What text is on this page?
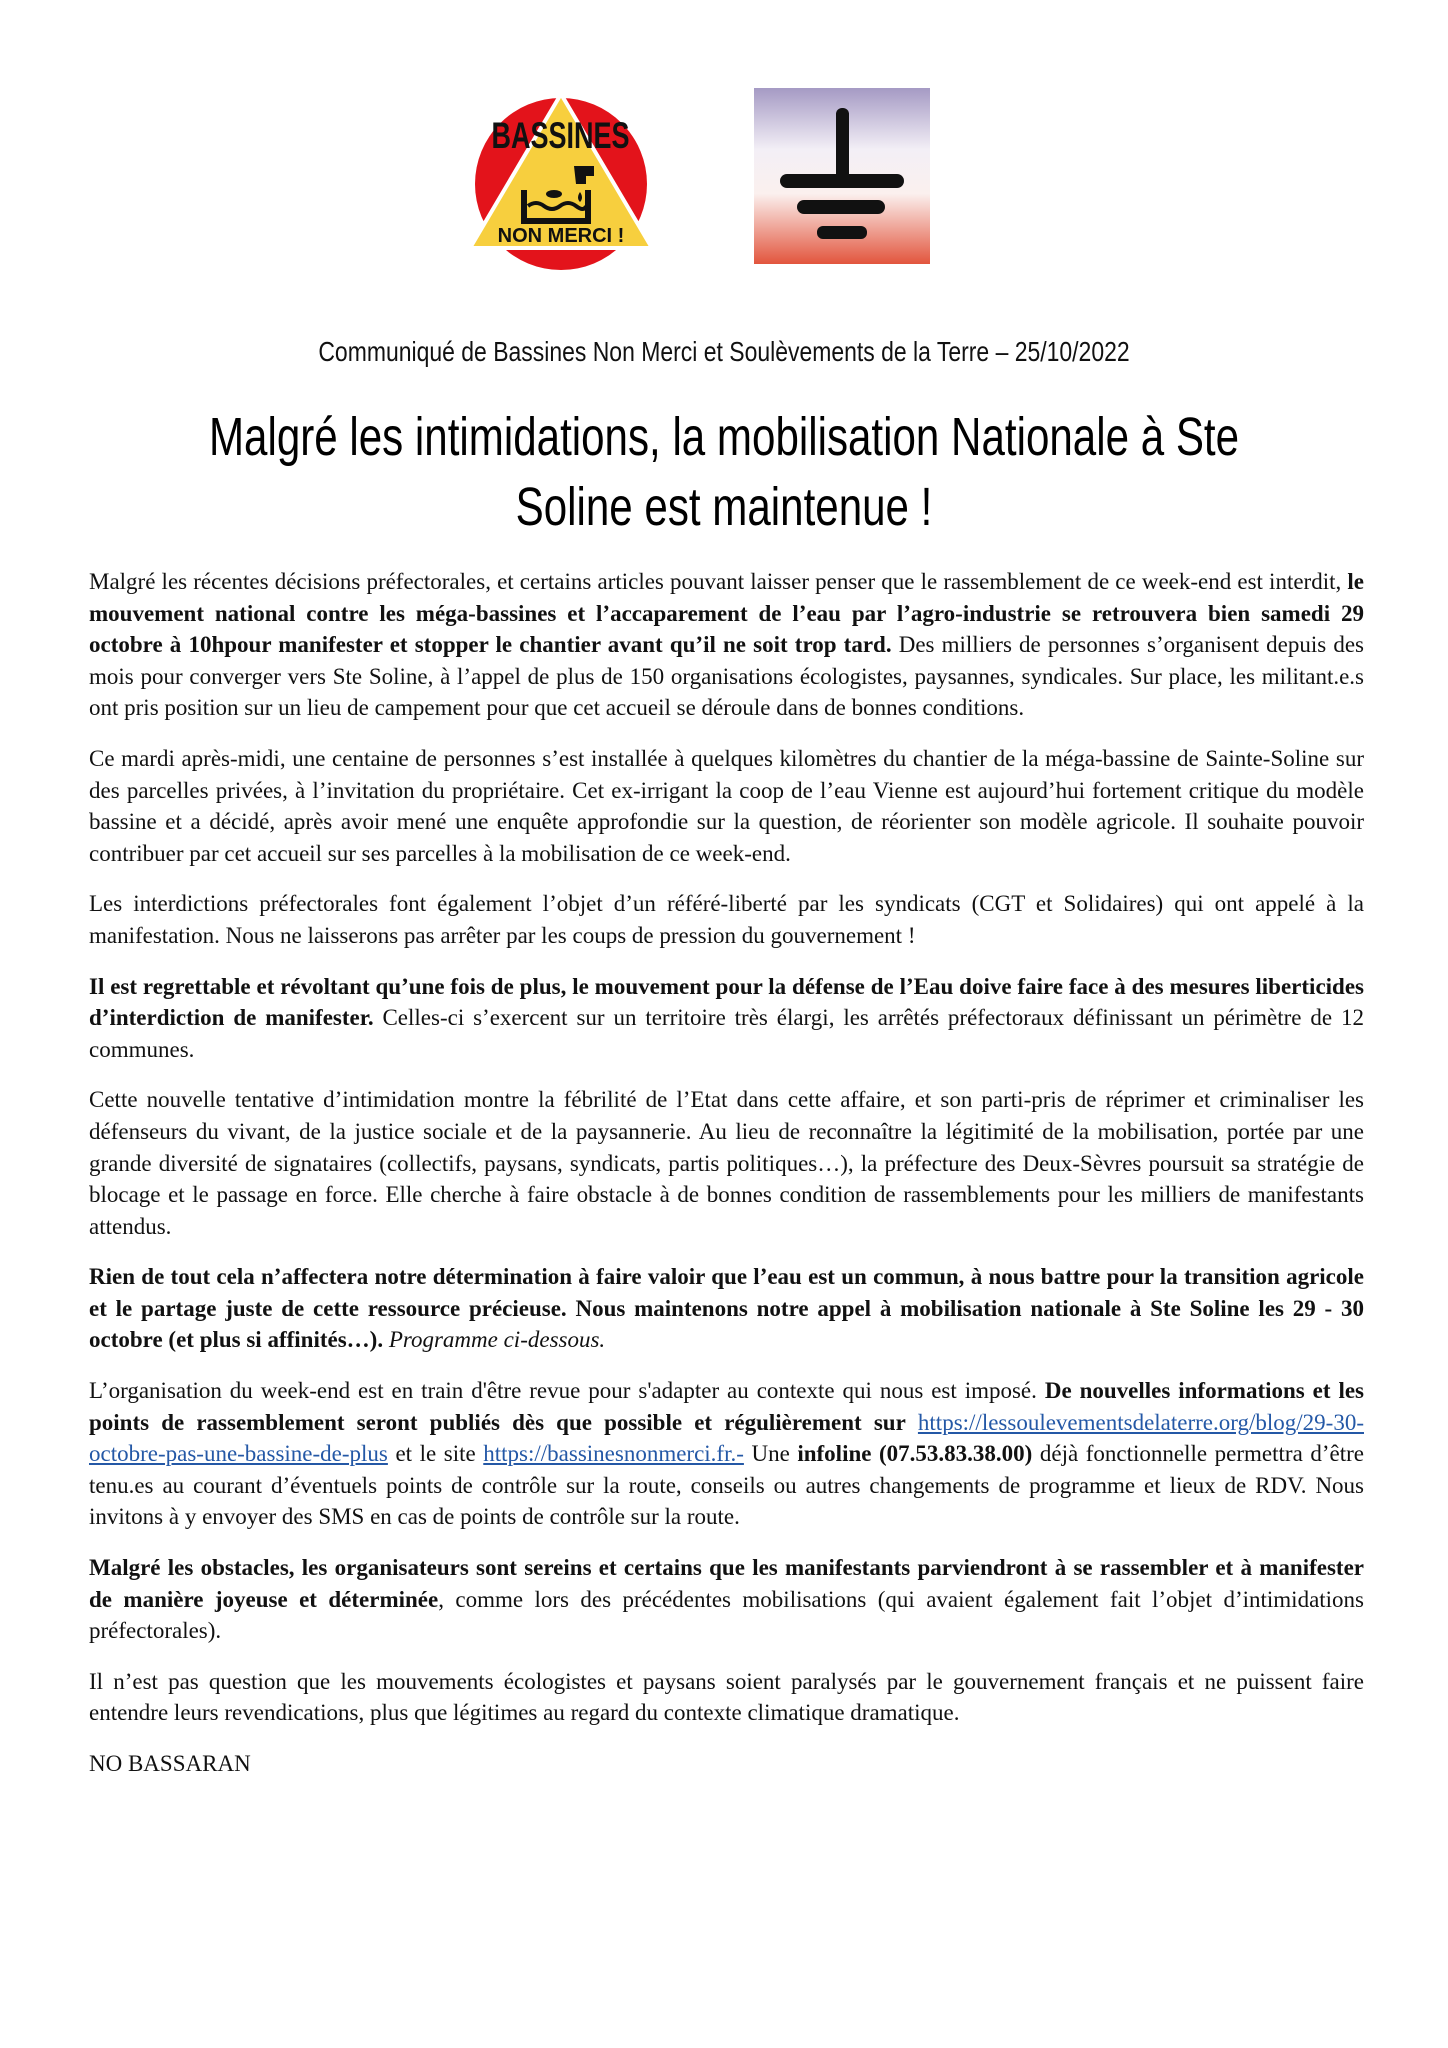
BASSINES
NON MERCI !
Communiqué de Bassines Non Merci et Soulèvements de la Terre – 25/10/2022
Malgré les intimidations, la mobilisation Nationale à Ste
Soline est maintenue !

Malgré les récentes décisions préfectorales, et certains articles pouvant laisser penser que le rassemblement de ce week-end est interdit, le mouvement national contre les méga-bassines et l’accaparement de l’eau par l’agro-industrie se retrouvera bien samedi 29 octobre à 10hpour manifester et stopper le chantier avant qu’il ne soit trop tard. Des milliers de personnes s’organisent depuis des mois pour converger vers Ste Soline, à l’appel de plus de 150 organisations écologistes, paysannes, syndicales. Sur place, les militant.e.s ont pris position sur un lieu de campement pour que cet accueil se déroule dans de bonnes conditions.

Ce mardi après-midi, une centaine de personnes s’est installée à quelques kilomètres du chantier de la méga-bassine de Sainte-Soline sur des parcelles privées, à l’invitation du propriétaire. Cet ex-irrigant la coop de l’eau Vienne est aujourd’hui fortement critique du modèle bassine et a décidé, après avoir mené une enquête approfondie sur la question, de réorienter son modèle agricole. Il souhaite pouvoir contribuer par cet accueil sur ses parcelles à la mobilisation de ce week-end.

Les interdictions préfectorales font également l’objet d’un référé-liberté par les syndicats (CGT et Solidaires) qui ont appelé à la manifestation. Nous ne laisserons pas arrêter par les coups de pression du gouvernement !

Il est regrettable et révoltant qu’une fois de plus, le mouvement pour la défense de l’Eau doive faire face à des mesures liberticides d’interdiction de manifester. Celles-ci s’exercent sur un territoire très élargi, les arrêtés préfectoraux définissant un périmètre de 12 communes.

Cette nouvelle tentative d’intimidation montre la fébrilité de l’Etat dans cette affaire, et son parti-pris de réprimer et criminaliser les défenseurs du vivant, de la justice sociale et de la paysannerie. Au lieu de reconnaître la légitimité de la mobilisation, portée par une grande diversité de signataires (collectifs, paysans, syndicats, partis politiques…), la préfecture des Deux-Sèvres poursuit sa stratégie de blocage et le passage en force. Elle cherche à faire obstacle à de bonnes condition de rassemblements pour les milliers de manifestants attendus.

Rien de tout cela n’affectera notre détermination à faire valoir que l’eau est un commun, à nous battre pour la transition agricole et le partage juste de cette ressource précieuse. Nous maintenons notre appel à mobilisation nationale à Ste Soline les 29 - 30 octobre (et plus si affinités…). Programme ci-dessous.

L’organisation du week-end est en train d'être revue pour s'adapter au contexte qui nous est imposé. De nouvelles informations et les points de rassemblement seront publiés dès que possible et régulièrement sur https://lessoulevementsdelaterre.org/blog/29-30-octobre-pas-une-bassine-de-plus et le site https://bassinesnonmerci.fr.- Une infoline (07.53.83.38.00) déjà fonctionnelle permettra d’être tenu.es au courant d’éventuels points de contrôle sur la route, conseils ou autres changements de programme et lieux de RDV. Nous invitons à y envoyer des SMS en cas de points de contrôle sur la route.

Malgré les obstacles, les organisateurs sont sereins et certains que les manifestants parviendront à se rassembler et à manifester de manière joyeuse et déterminée, comme lors des précédentes mobilisations (qui avaient également fait l’objet d’intimidations préfectorales).

Il n’est pas question que les mouvements écologistes et paysans soient paralysés par le gouvernement français et ne puissent faire entendre leurs revendications, plus que légitimes au regard du contexte climatique dramatique.

NO BASSARAN
